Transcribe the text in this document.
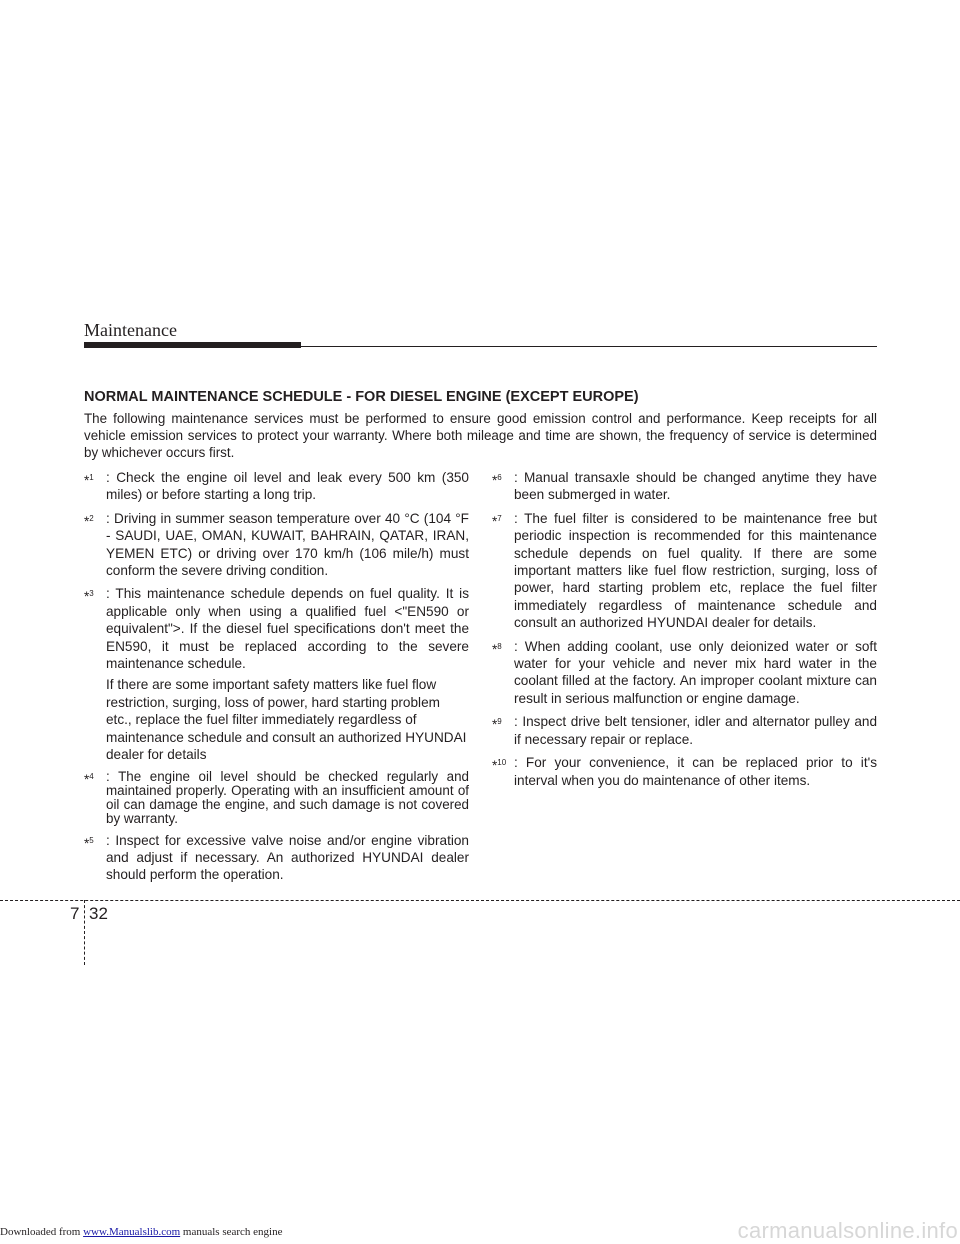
Maintenance
NORMAL MAINTENANCE SCHEDULE - FOR DIESEL ENGINE (EXCEPT EUROPE)

The following maintenance services must be performed to ensure good emission control and performance. Keep receipts for all vehicle emission services to protect your warranty. Where both mileage and time are shown, the frequency of service is determined by whichever occurs first.

*$^1$ : Check the engine oil level and leak every 500 km (350 miles) or before starting a long trip.

*$^2$ : Driving in summer season temperature over 40 °C (104 °F - SAUDI, UAE, OMAN, KUWAIT, BAHRAIN, QATAR, IRAN, YEMEN ETC) or driving over 170 km/h (106 mile/h) must conform the severe driving condition.

*$^3$ : This maintenance schedule depends on fuel quality. It is applicable only when using a qualified fuel <"EN590 or equivalent">. If the diesel fuel specifications don't meet the EN590, it must be replaced according to the severe maintenance schedule.

If there are some important safety matters like fuel flow restriction, surging, loss of power, hard starting problem etc., replace the fuel filter immediately regardless of maintenance schedule and consult an authorized HYUNDAI dealer for details

*$^4$ : The engine oil level should be checked regularly and maintained properly. Operating with an insufficient amount of oil can damage the engine, and such damage is not covered by warranty.

*$^5$ : Inspect for excessive valve noise and/or engine vibration and adjust if necessary. An authorized HYUNDAI dealer should perform the operation.

*$^6$ : Manual transaxle should be changed anytime they have been submerged in water.

*$^7$ : The fuel filter is considered to be maintenance free but periodic inspection is recommended for this maintenance schedule depends on fuel quality. If there are some important matters like fuel flow restriction, surging, loss of power, hard starting problem etc, replace the fuel filter immediately regardless of maintenance schedule and consult an authorized HYUNDAI dealer for details.

*$^8$ : When adding coolant, use only deionized water or soft water for your vehicle and never mix hard water in the coolant filled at the factory. An improper coolant mixture can result in serious malfunction or engine damage.

*$^9$ : Inspect drive belt tensioner, idler and alternator pulley and if necessary repair or replace.

*$^{10}$ : For your convenience, it can be replaced prior to it's interval when you do maintenance of other items.

7 32
Downloaded from www.Manualslib.com manuals search engine	carmanualsonline.info
